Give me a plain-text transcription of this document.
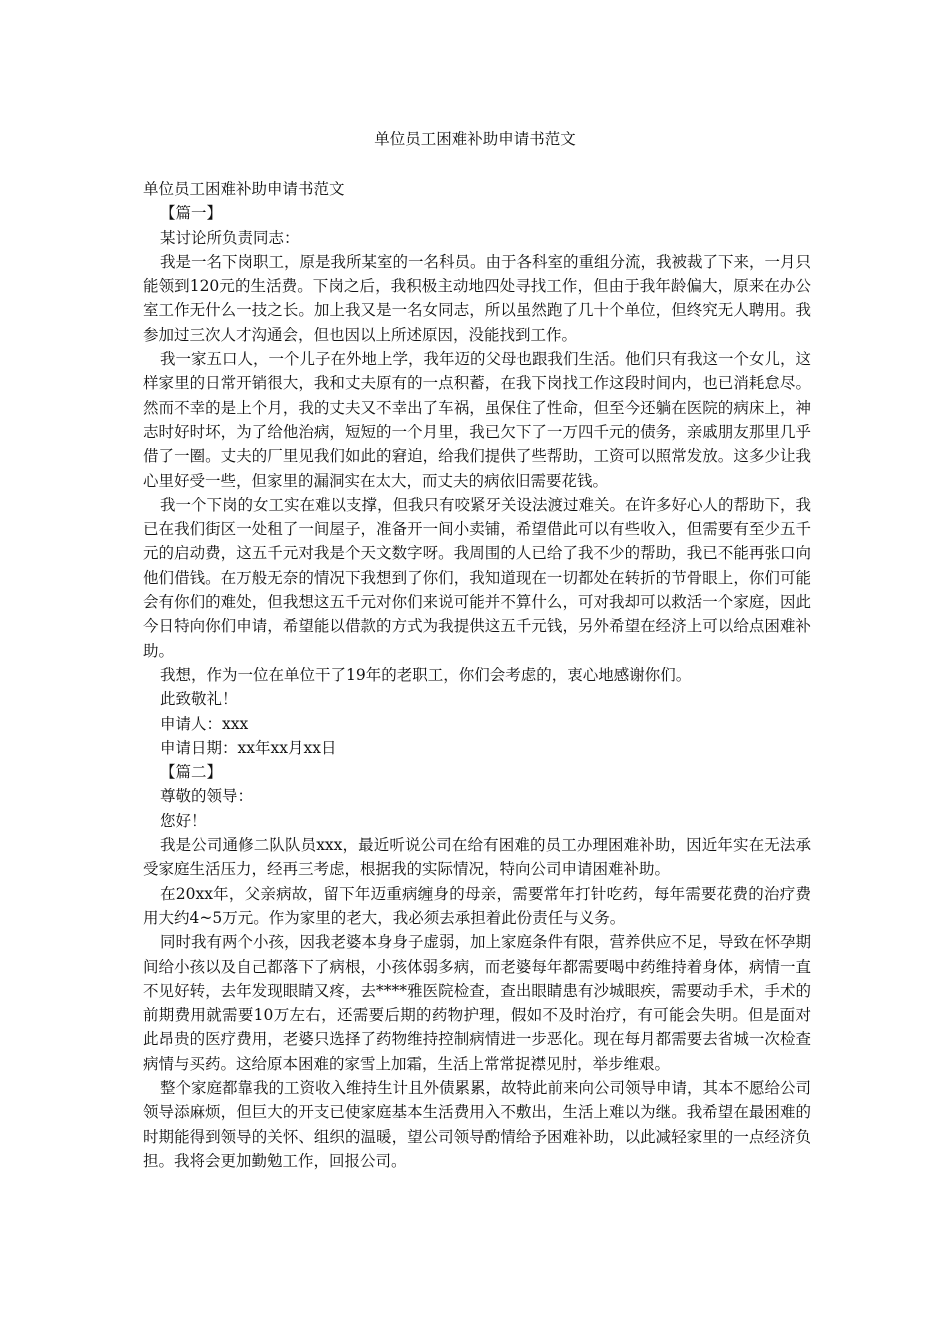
单位员工困难补助申请书范文

单位员工困难补助申请书范文

【篇一】

某讨论所负责同志：

我是一名下岗职工，原是我所某室的一名科员。由于各科室的重组分流，我被裁了下来，一月只能领到120元的生活费。下岗之后，我积极主动地四处寻找工作，但由于我年龄偏大，原来在办公室工作无什么一技之长。加上我又是一名女同志，所以虽然跑了几十个单位，但终究无人聘用。我参加过三次人才沟通会，但也因以上所述原因，没能找到工作。

我一家五口人，一个儿子在外地上学，我年迈的父母也跟我们生活。他们只有我这一个女儿，这样家里的日常开销很大，我和丈夫原有的一点积蓄，在我下岗找工作这段时间内，也已消耗怠尽。然而不幸的是上个月，我的丈夫又不幸出了车祸，虽保住了性命，但至今还躺在医院的病床上，神志时好时坏，为了给他治病，短短的一个月里，我已欠下了一万四千元的债务，亲戚朋友那里几乎借了一圈。丈夫的厂里见我们如此的窘迫，给我们提供了些帮助，工资可以照常发放。这多少让我心里好受一些，但家里的漏洞实在太大，而丈夫的病依旧需要花钱。

我一个下岗的女工实在难以支撑，但我只有咬紧牙关设法渡过难关。在许多好心人的帮助下，我已在我们街区一处租了一间屋子，准备开一间小卖铺，希望借此可以有些收入，但需要有至少五千元的启动费，这五千元对我是个天文数字呀。我周围的人已给了我不少的帮助，我已不能再张口向他们借钱。在万般无奈的情况下我想到了你们，我知道现在一切都处在转折的节骨眼上，你们可能会有你们的难处，但我想这五千元对你们来说可能并不算什么，可对我却可以救活一个家庭，因此今日特向你们申请，希望能以借款的方式为我提供这五千元钱，另外希望在经济上可以给点困难补助。

我想，作为一位在单位干了19年的老职工，你们会考虑的，衷心地感谢你们。

此致敬礼！

申请人：xxx

申请日期：xx年xx月xx日

【篇二】

尊敬的领导：

您好！

我是公司通修二队队员xxx，最近听说公司在给有困难的员工办理困难补助，因近年实在无法承受家庭生活压力，经再三考虑，根据我的实际情况，特向公司申请困难补助。

在20xx年，父亲病故，留下年迈重病缠身的母亲，需要常年打针吃药，每年需要花费的治疗费用大约4~5万元。作为家里的老大，我必须去承担着此份责任与义务。

同时我有两个小孩，因我老婆本身身子虚弱，加上家庭条件有限，营养供应不足，导致在怀孕期间给小孩以及自己都落下了病根，小孩体弱多病，而老婆每年都需要喝中药维持着身体，病情一直不见好转，去年发现眼睛又疼，去****雅医院检查，查出眼睛患有沙城眼疾，需要动手术，手术的前期费用就需要10万左右，还需要后期的药物护理，假如不及时治疗，有可能会失明。但是面对此昂贵的医疗费用，老婆只选择了药物维持控制病情进一步恶化。现在每月都需要去省城一次检查病情与买药。这给原本困难的家雪上加霜，生活上常常捉襟见肘，举步维艰。

整个家庭都靠我的工资收入维持生计且外债累累，故特此前来向公司领导申请，其本不愿给公司领导添麻烦，但巨大的开支已使家庭基本生活费用入不敷出，生活上难以为继。我希望在最困难的时期能得到领导的关怀、组织的温暖，望公司领导酌情给予困难补助，以此减轻家里的一点经济负担。我将会更加勤勉工作，回报公司。
